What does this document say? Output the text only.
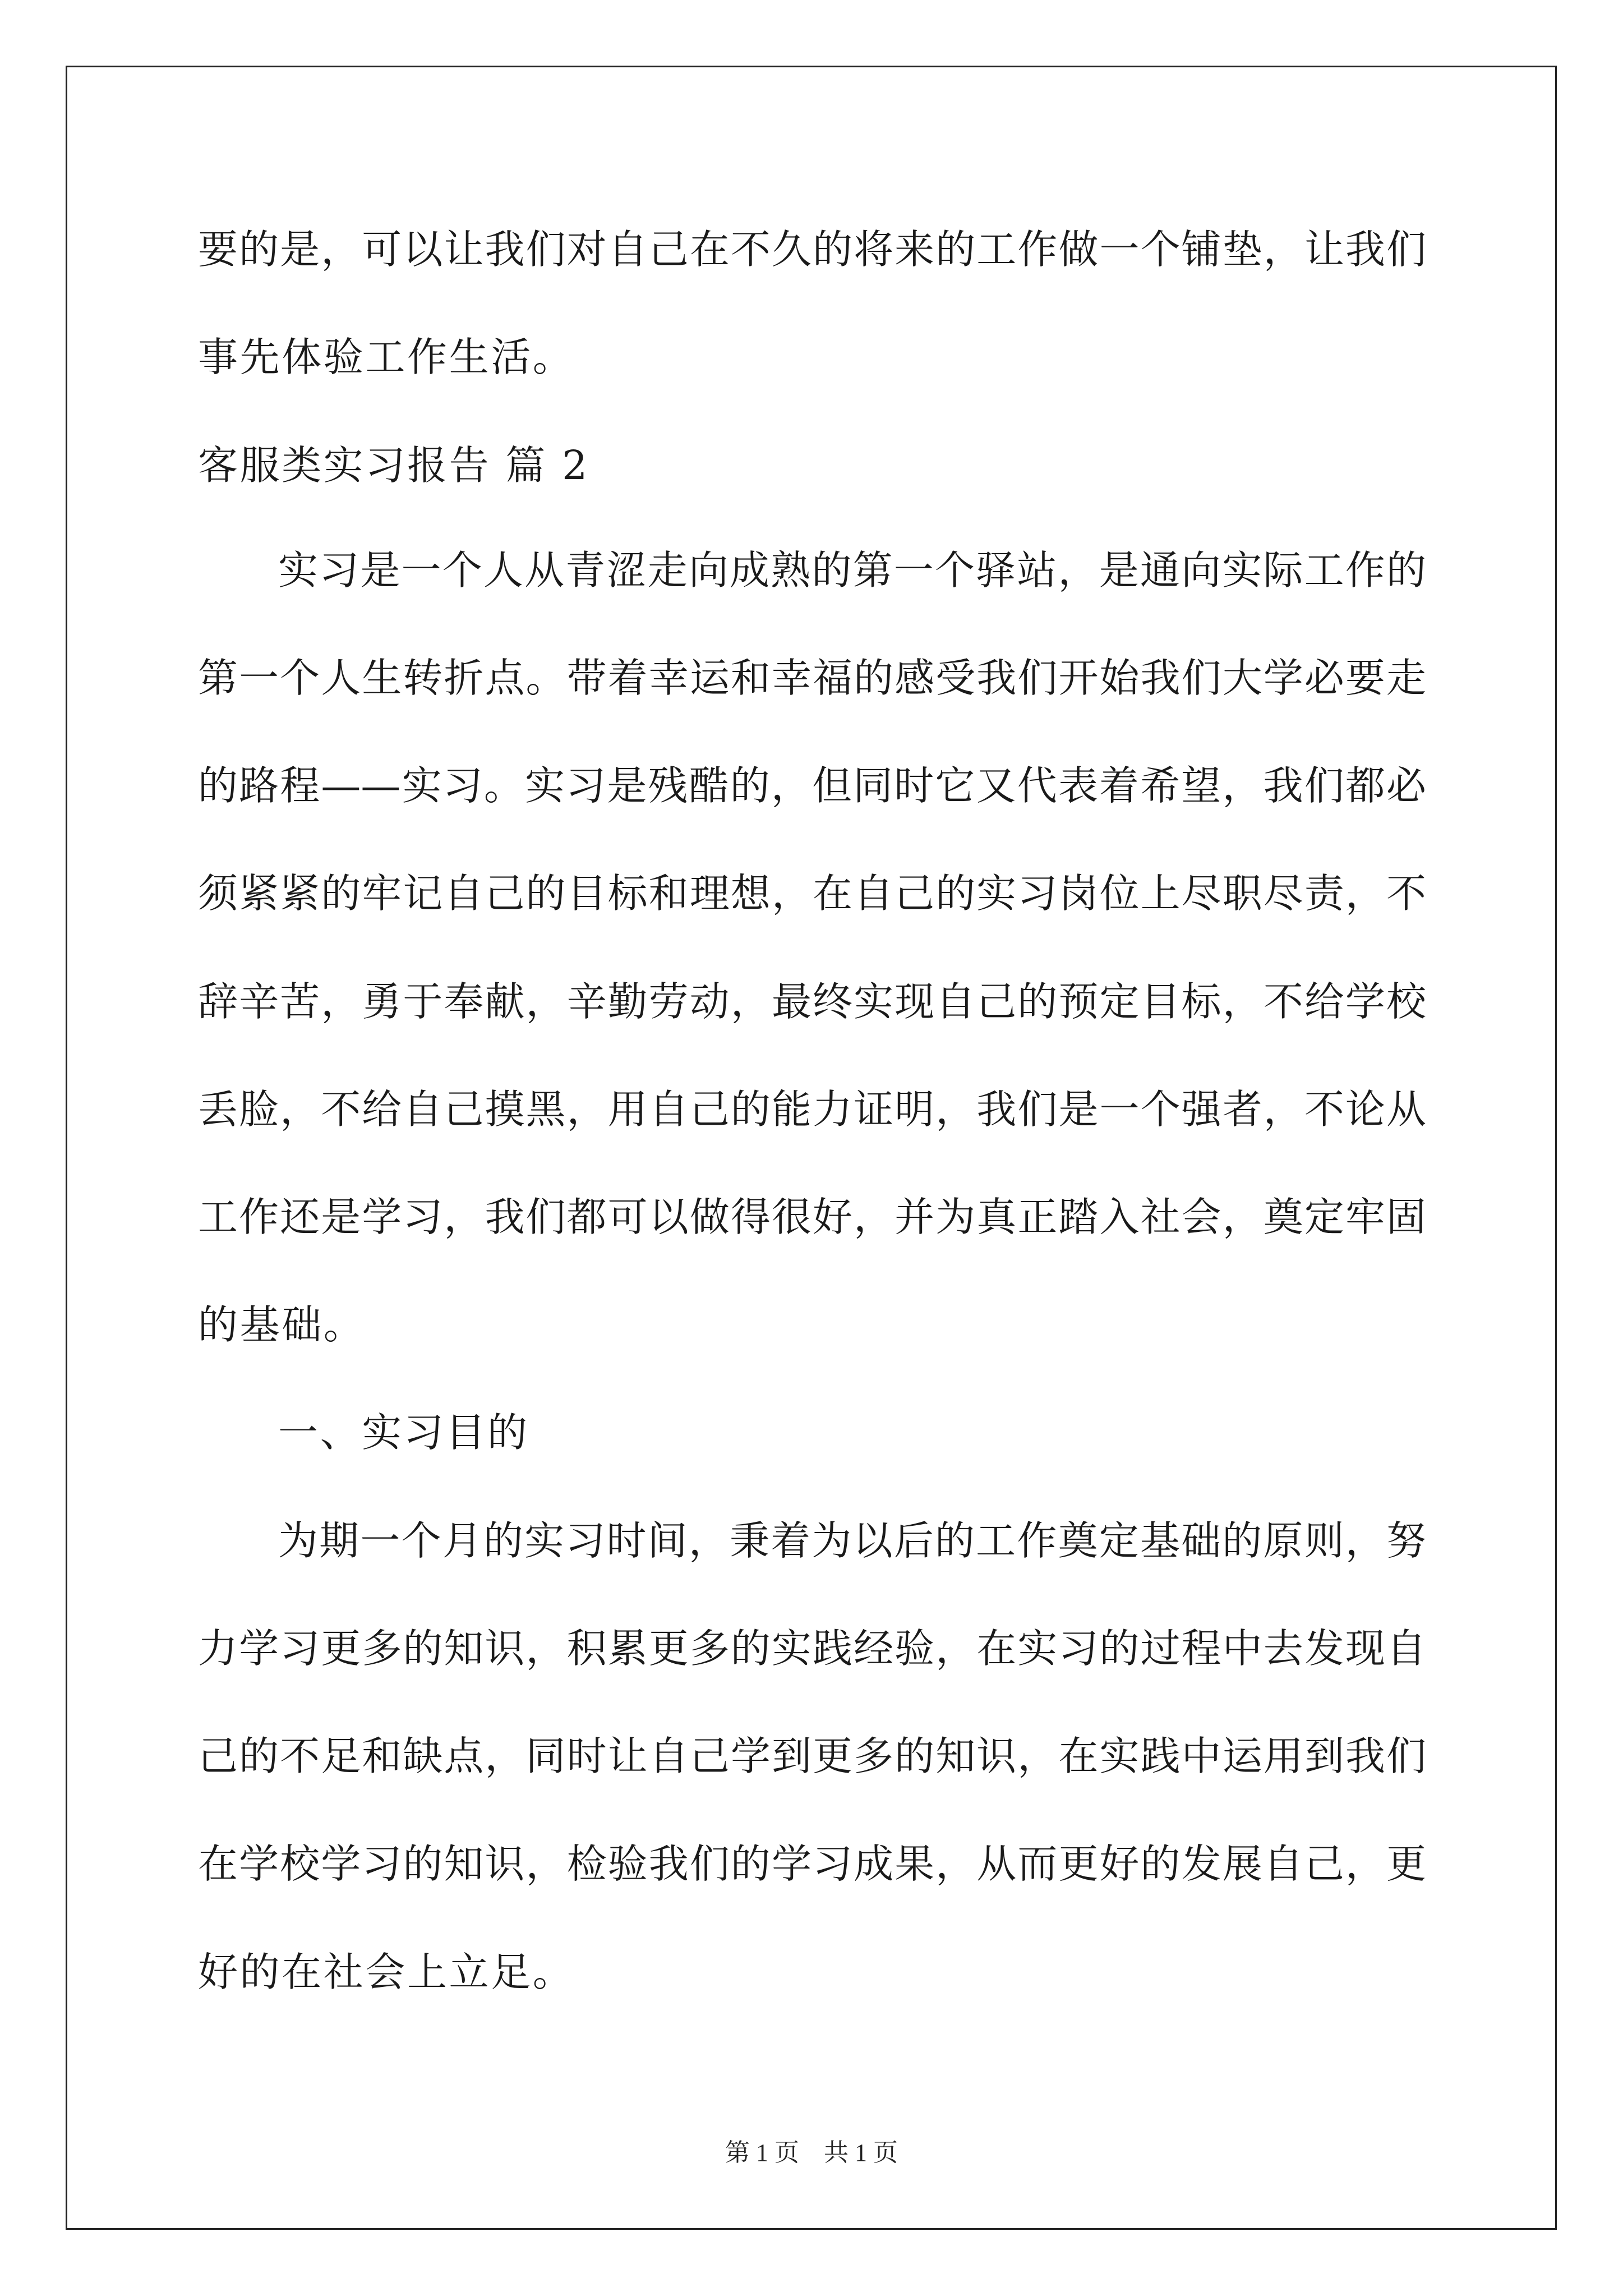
要的是，可以让我们对自己在不久的将来的工作做一个铺垫，让我们
事先体验工作生活。
客服类实习报告 篇 2
实习是一个人从青涩走向成熟的第一个驿站，是通向实际工作的
第一个人生转折点。带着幸运和幸福的感受我们开始我们大学必要走
的路程——实习。实习是残酷的，但同时它又代表着希望，我们都必
须紧紧的牢记自己的目标和理想，在自己的实习岗位上尽职尽责，不
辞辛苦，勇于奉献，辛勤劳动，最终实现自己的预定目标，不给学校
丢脸，不给自己摸黑，用自己的能力证明，我们是一个强者，不论从
工作还是学习，我们都可以做得很好，并为真正踏入社会，奠定牢固
的基础。
一、实习目的
为期一个月的实习时间，秉着为以后的工作奠定基础的原则，努
力学习更多的知识，积累更多的实践经验，在实习的过程中去发现自
己的不足和缺点，同时让自己学到更多的知识，在实践中运用到我们
在学校学习的知识，检验我们的学习成果，从而更好的发展自己，更
好的在社会上立足。
第 1 页　共 1 页
